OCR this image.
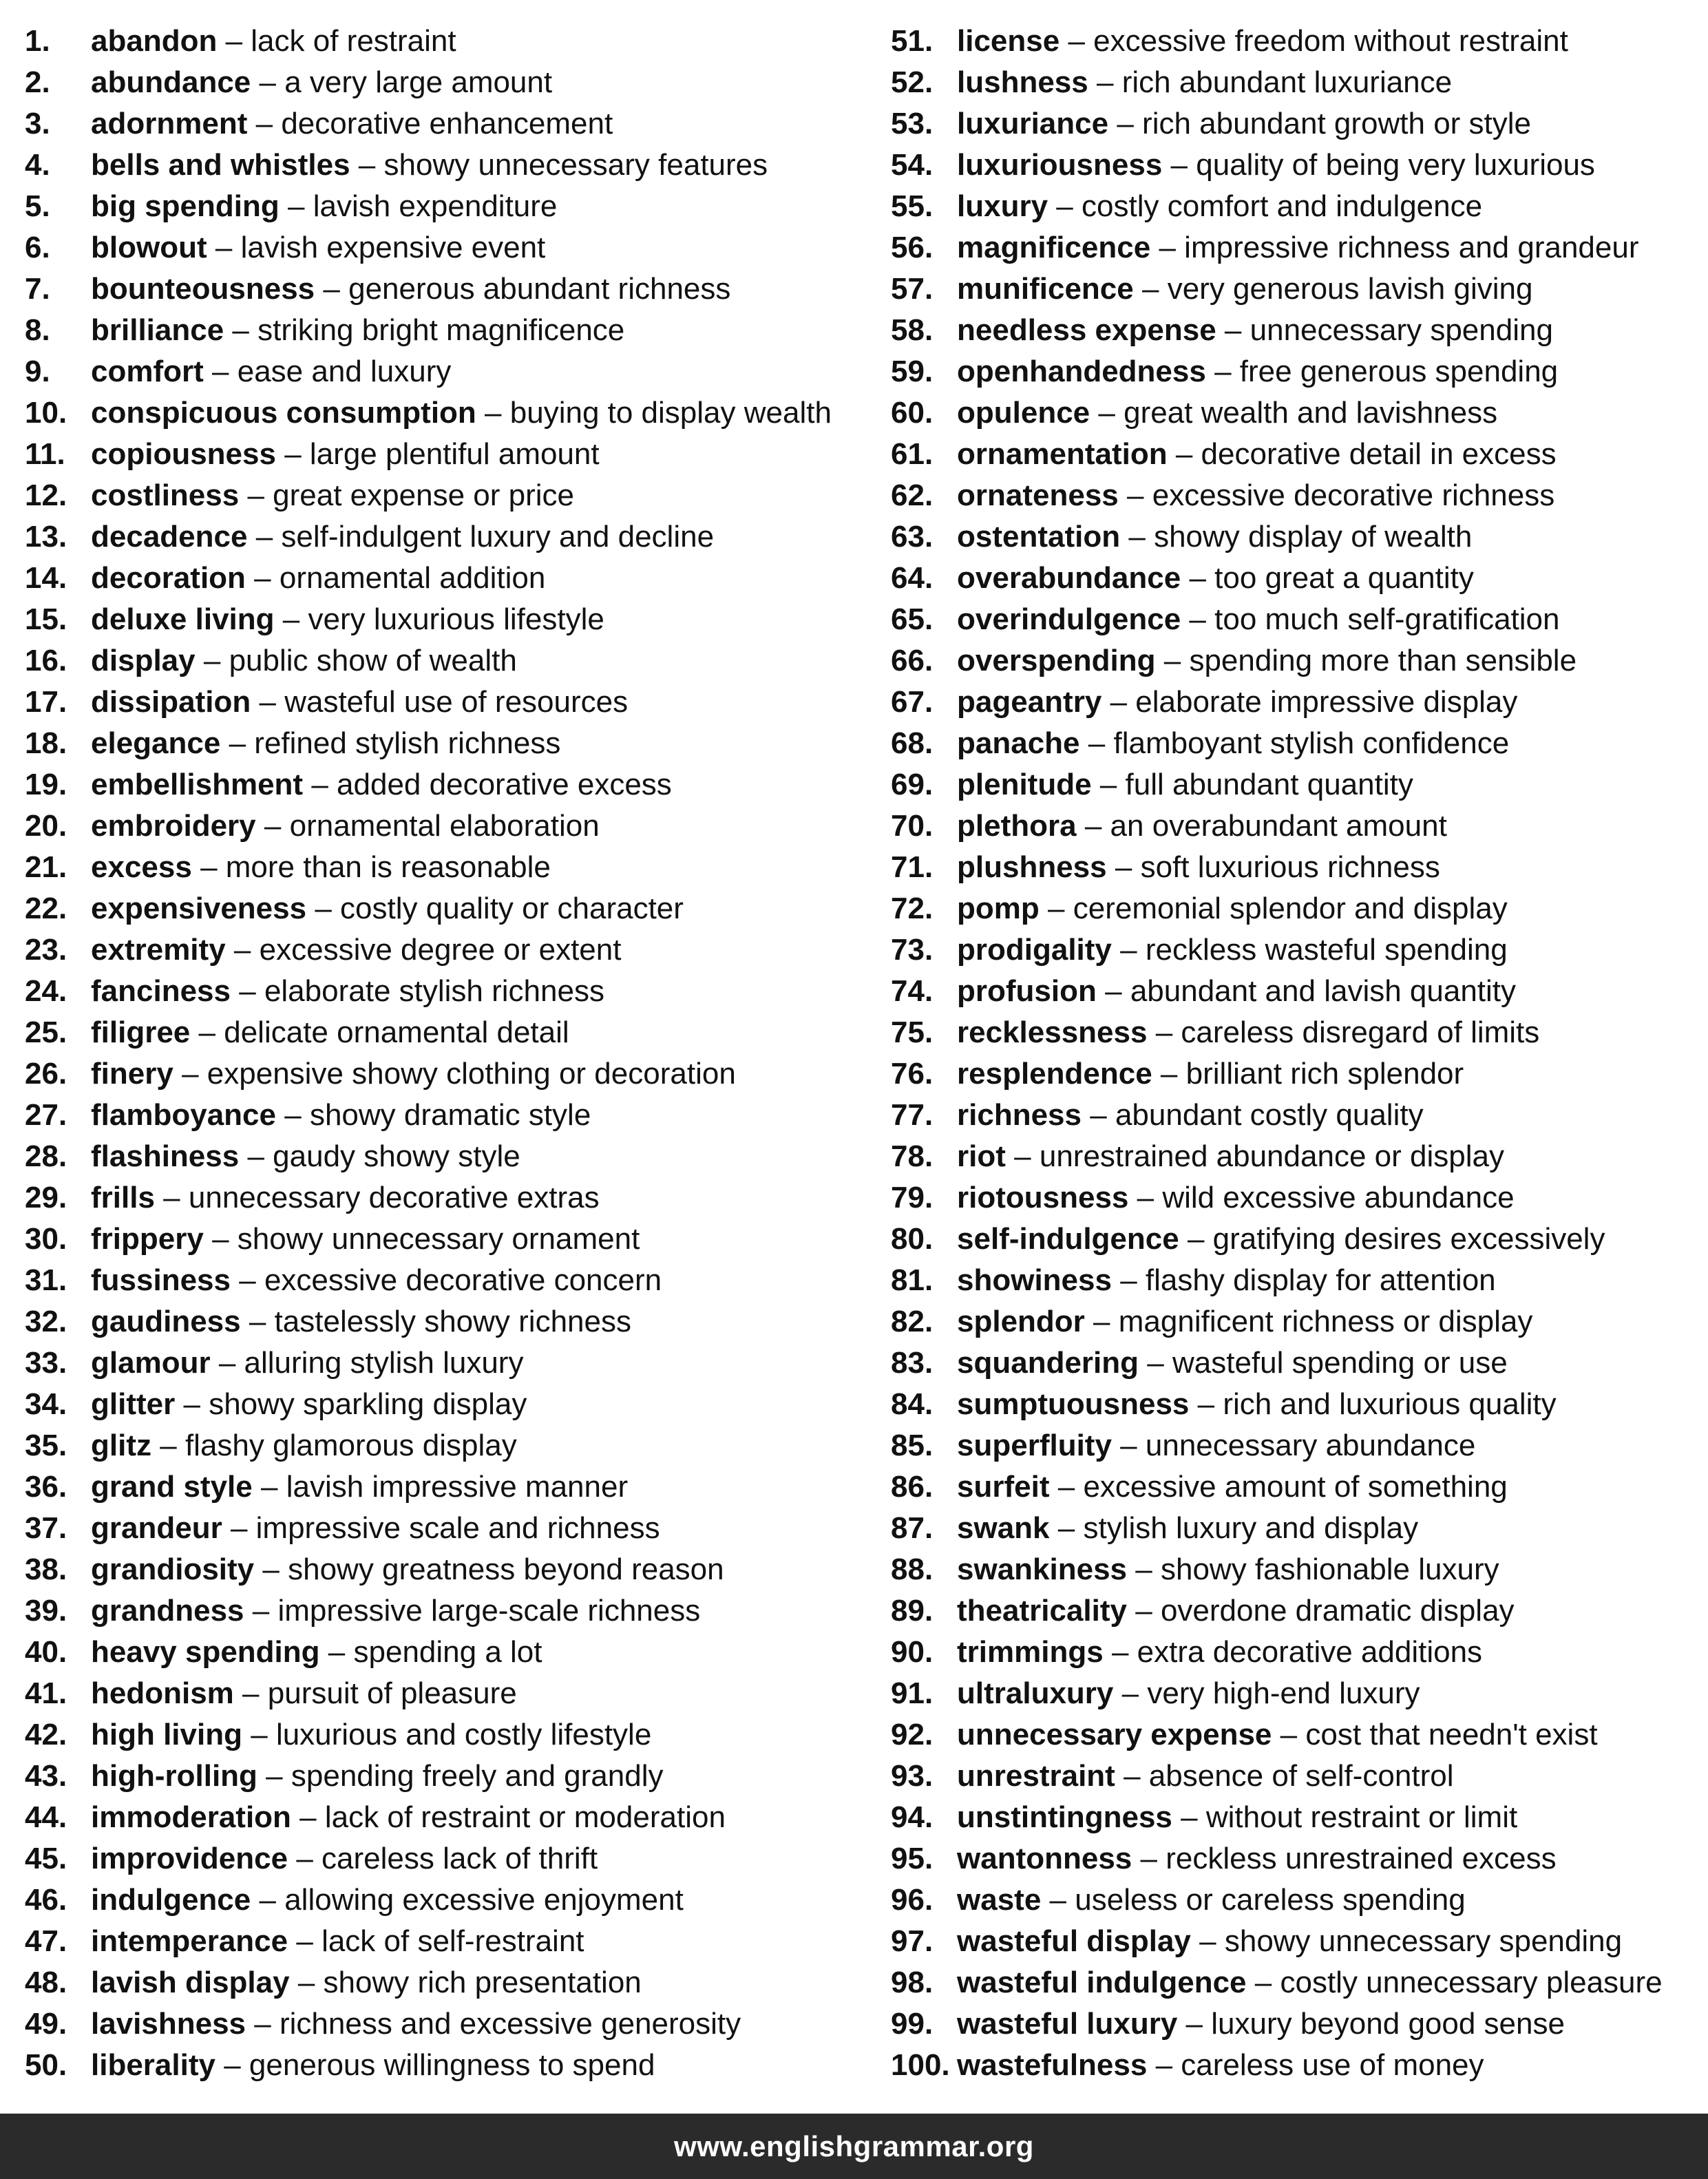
1. abandon – lack of restraint
2. abundance – a very large amount
3. adornment – decorative enhancement
4. bells and whistles – showy unnecessary features
5. big spending – lavish expenditure
6. blowout – lavish expensive event
7. bounteousness – generous abundant richness
8. brilliance – striking bright magnificence
9. comfort – ease and luxury
10. conspicuous consumption – buying to display wealth
11. copiousness – large plentiful amount
12. costliness – great expense or price
13. decadence – self-indulgent luxury and decline
14. decoration – ornamental addition
15. deluxe living – very luxurious lifestyle
16. display – public show of wealth
17. dissipation – wasteful use of resources
18. elegance – refined stylish richness
19. embellishment – added decorative excess
20. embroidery – ornamental elaboration
21. excess – more than is reasonable
22. expensiveness – costly quality or character
23. extremity – excessive degree or extent
24. fanciness – elaborate stylish richness
25. filigree – delicate ornamental detail
26. finery – expensive showy clothing or decoration
27. flamboyance – showy dramatic style
28. flashiness – gaudy showy style
29. frills – unnecessary decorative extras
30. frippery – showy unnecessary ornament
31. fussiness – excessive decorative concern
32. gaudiness – tastelessly showy richness
33. glamour – alluring stylish luxury
34. glitter – showy sparkling display
35. glitz – flashy glamorous display
36. grand style – lavish impressive manner
37. grandeur – impressive scale and richness
38. grandiosity – showy greatness beyond reason
39. grandness – impressive large-scale richness
40. heavy spending – spending a lot
41. hedonism – pursuit of pleasure
42. high living – luxurious and costly lifestyle
43. high-rolling – spending freely and grandly
44. immoderation – lack of restraint or moderation
45. improvidence – careless lack of thrift
46. indulgence – allowing excessive enjoyment
47. intemperance – lack of self-restraint
48. lavish display – showy rich presentation
49. lavishness – richness and excessive generosity
50. liberality – generous willingness to spend
51. license – excessive freedom without restraint
52. lushness – rich abundant luxuriance
53. luxuriance – rich abundant growth or style
54. luxuriousness – quality of being very luxurious
55. luxury – costly comfort and indulgence
56. magnificence – impressive richness and grandeur
57. munificence – very generous lavish giving
58. needless expense – unnecessary spending
59. openhandedness – free generous spending
60. opulence – great wealth and lavishness
61. ornamentation – decorative detail in excess
62. ornateness – excessive decorative richness
63. ostentation – showy display of wealth
64. overabundance – too great a quantity
65. overindulgence – too much self-gratification
66. overspending – spending more than sensible
67. pageantry – elaborate impressive display
68. panache – flamboyant stylish confidence
69. plenitude – full abundant quantity
70. plethora – an overabundant amount
71. plushness – soft luxurious richness
72. pomp – ceremonial splendor and display
73. prodigality – reckless wasteful spending
74. profusion – abundant and lavish quantity
75. recklessness – careless disregard of limits
76. resplendence – brilliant rich splendor
77. richness – abundant costly quality
78. riot – unrestrained abundance or display
79. riotousness – wild excessive abundance
80. self-indulgence – gratifying desires excessively
81. showiness – flashy display for attention
82. splendor – magnificent richness or display
83. squandering – wasteful spending or use
84. sumptuousness – rich and luxurious quality
85. superfluity – unnecessary abundance
86. surfeit – excessive amount of something
87. swank – stylish luxury and display
88. swankiness – showy fashionable luxury
89. theatricality – overdone dramatic display
90. trimmings – extra decorative additions
91. ultraluxury – very high-end luxury
92. unnecessary expense – cost that needn't exist
93. unrestraint – absence of self-control
94. unstintingness – without restraint or limit
95. wantonness – reckless unrestrained excess
96. waste – useless or careless spending
97. wasteful display – showy unnecessary spending
98. wasteful indulgence – costly unnecessary pleasure
99. wasteful luxury – luxury beyond good sense
100. wastefulness – careless use of money
www.englishgrammar.org
